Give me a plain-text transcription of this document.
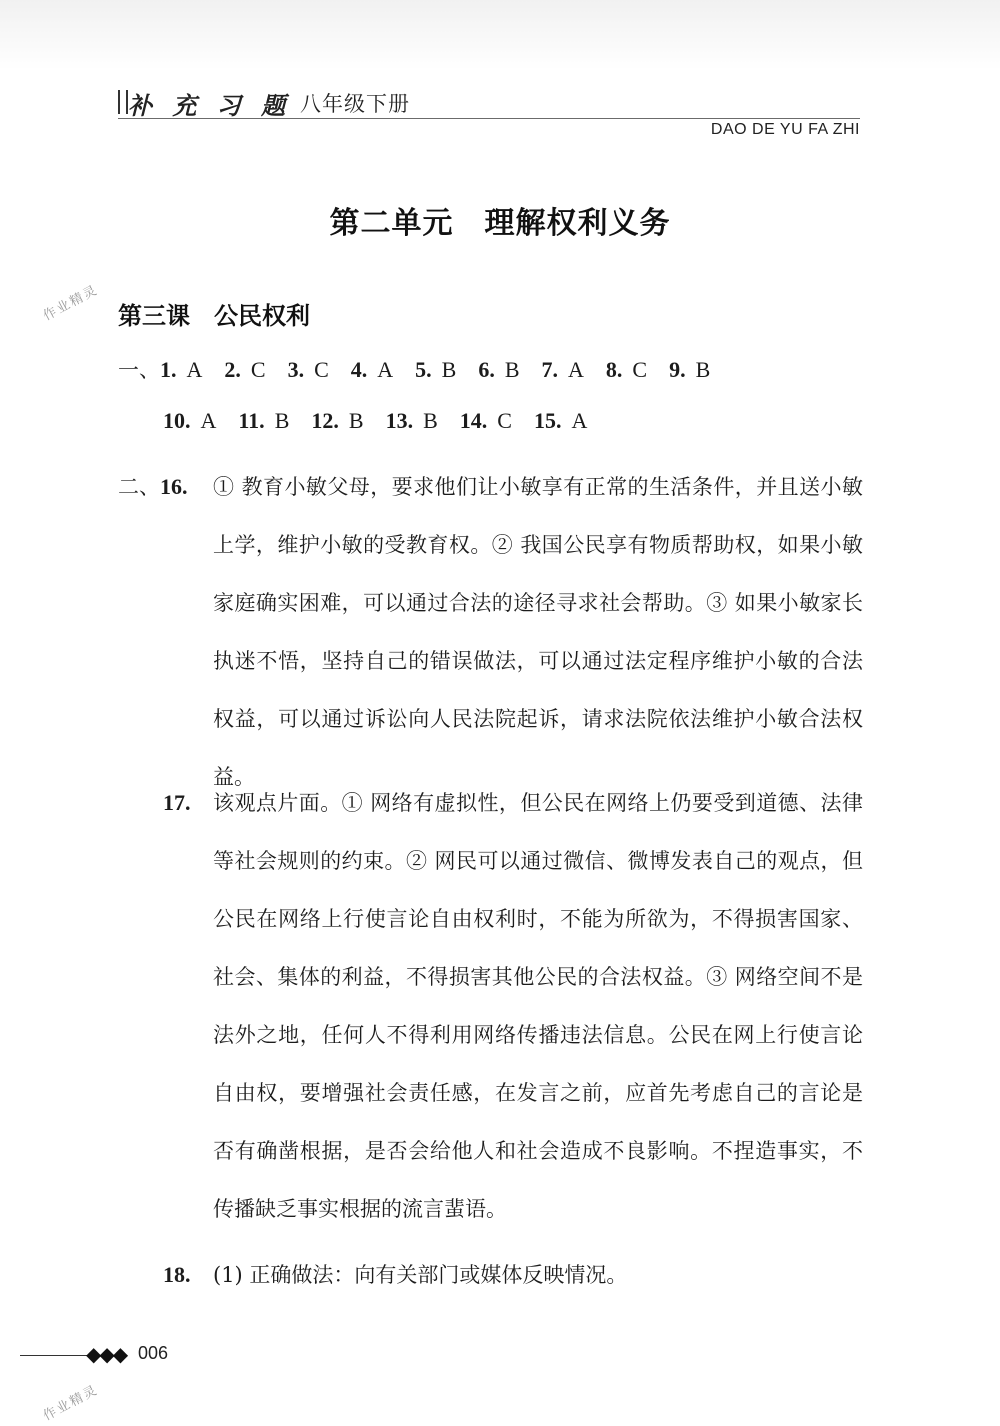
补 充 习 题 八年级下册
DAO DE YU FA ZHI
第二单元　理解权利义务
作业精灵 第三课　公民权利
一、1. A 2. C 3. C 4. A 5. B 6. B 7. A 8. C 9. B
10. A 11. B 12. B 13. B 14. C 15. A
二、16. ① 教育小敏父母，要求他们让小敏享有正常的生活条件，并且送小敏上学，维护小敏的受教育权。② 我国公民享有物质帮助权，如果小敏家庭确实困难，可以通过合法的途径寻求社会帮助。③ 如果小敏家长执迷不悟，坚持自己的错误做法，可以通过法定程序维护小敏的合法权益，可以通过诉讼向人民法院起诉，请求法院依法维护小敏合法权益。
17. 该观点片面。① 网络有虚拟性，但公民在网络上仍要受到道德、法律等社会规则的约束。② 网民可以通过微信、微博发表自己的观点，但公民在网络上行使言论自由权利时，不能为所欲为，不得损害国家、社会、集体的利益，不得损害其他公民的合法权益。③ 网络空间不是法外之地，任何人不得利用网络传播违法信息。公民在网上行使言论自由权，要增强社会责任感，在发言之前，应首先考虑自己的言论是否有确凿根据，是否会给他人和社会造成不良影响。不捏造事实，不传播缺乏事实根据的流言蜚语。
18. (1) 正确做法：向有关部门或媒体反映情况。
◆◆◆ 006
作业精灵
